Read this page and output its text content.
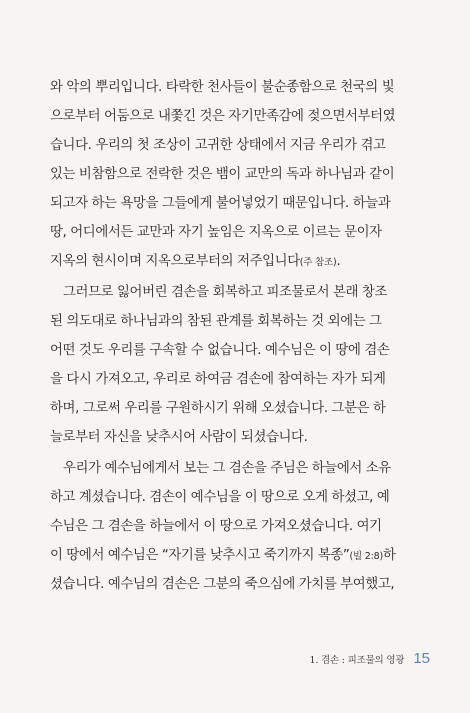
와 악의 뿌리입니다. 타락한 천사들이 불순종함으로 천국의 빛
으로부터 어둠으로 내쫓긴 것은 자기만족감에 젖으면서부터였
습니다. 우리의 첫 조상이 고귀한 상태에서 지금 우리가 겪고
있는 비참함으로 전락한 것은 뱀이 교만의 독과 하나님과 같이
되고자 하는 욕망을 그들에게 불어넣었기 때문입니다. 하늘과
땅, 어디에서든 교만과 자기 높임은 지옥으로 이르는 문이자
지옥의 현시이며 지옥으로부터의 저주입니다(주 참조).
그러므로 잃어버린 겸손을 회복하고 피조물로서 본래 창조
된 의도대로 하나님과의 참된 관계를 회복하는 것 외에는 그
어떤 것도 우리를 구속할 수 없습니다. 예수님은 이 땅에 겸손
을 다시 가져오고, 우리로 하여금 겸손에 참여하는 자가 되게
하며, 그로써 우리를 구원하시기 위해 오셨습니다. 그분은 하
늘로부터 자신을 낮추시어 사람이 되셨습니다.
우리가 예수님에게서 보는 그 겸손을 주님은 하늘에서 소유
하고 계셨습니다. 겸손이 예수님을 이 땅으로 오게 하셨고, 예
수님은 그 겸손을 하늘에서 이 땅으로 가져오셨습니다. 여기
이 땅에서 예수님은 “자기를 낮추시고 죽기까지 복종”(빌 2:8)하
셨습니다. 예수님의 겸손은 그분의 죽으심에 가치를 부여했고,
1. 겸손 : 피조물의 영광 15
